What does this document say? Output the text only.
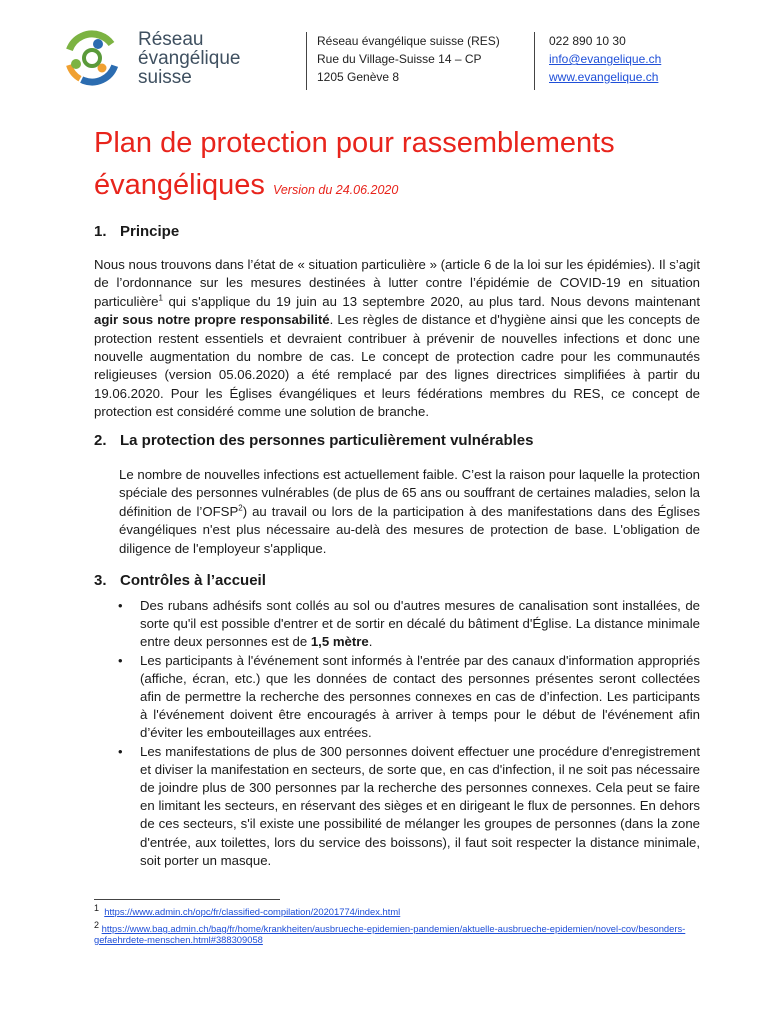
Réseau
évangélique
suisse
Réseau évangélique suisse (RES)
Rue du Village-Suisse 14 – CP
1205 Genève 8
022 890 10 30
info@evangelique.ch
www.evangelique.ch
Plan de protection pour rassemblements
évangéliques Version du 24.06.2020
1. Principe
Nous nous trouvons dans l’état de « situation particulière » (article 6 de la loi sur les épidémies). Il s’agit de l’ordonnance sur les mesures destinées à lutter contre l’épidémie de COVID-19 en situation particulière$^1$ qui s'applique du 19 juin au 13 septembre 2020, au plus tard. Nous devons maintenant agir sous notre propre responsabilité. Les règles de distance et d'hygiène ainsi que les concepts de protection restent essentiels et devraient contribuer à prévenir de nouvelles infections et donc une nouvelle augmentation du nombre de cas. Le concept de protection cadre pour les communautés religieuses (version 05.06.2020) a été remplacé par des lignes directrices simplifiées à partir du 19.06.2020. Pour les Églises évangéliques et leurs fédérations membres du RES, ce concept de protection est considéré comme une solution de branche.
2. La protection des personnes particulièrement vulnérables
Le nombre de nouvelles infections est actuellement faible. C’est la raison pour laquelle la protection spéciale des personnes vulnérables (de plus de 65 ans ou souffrant de certaines maladies, selon la définition de l’OFSP$^2$) au travail ou lors de la participation à des manifestations dans des Églises évangéliques n'est plus nécessaire au-delà des mesures de protection de base. L'obligation de diligence de l'employeur s'applique.
3. Contrôles à l’accueil
• Des rubans adhésifs sont collés au sol ou d'autres mesures de canalisation sont installées, de sorte qu'il est possible d'entrer et de sortir en décalé du bâtiment d'Église. La distance minimale entre deux personnes est de 1,5 mètre.
• Les participants à l'événement sont informés à l'entrée par des canaux d'information appropriés (affiche, écran, etc.) que les données de contact des personnes présentes seront collectées afin de permettre la recherche des personnes connexes en cas de d’infection. Les participants à l'événement doivent être encouragés à arriver à temps pour le début de l'événement afin d’éviter les embouteillages aux entrées.
• Les manifestations de plus de 300 personnes doivent effectuer une procédure d'enregistrement et diviser la manifestation en secteurs, de sorte que, en cas d'infection, il ne soit pas nécessaire de joindre plus de 300 personnes par la recherche des personnes connexes. Cela peut se faire en limitant les secteurs, en réservant des sièges et en dirigeant le flux de personnes. En dehors de ces secteurs, s'il existe une possibilité de mélanger les groupes de personnes (dans la zone d'entrée, aux toilettes, lors du service des boissons), il faut soit respecter la distance minimale, soit porter un masque.
$^1$ https://www.admin.ch/opc/fr/classified-compilation/20201774/index.html
$^2$ https://www.bag.admin.ch/bag/fr/home/krankheiten/ausbrueche-epidemien-pandemien/aktuelle-ausbrueche-epidemien/novel-cov/besonders-gefaehrdete-menschen.html#388309058
